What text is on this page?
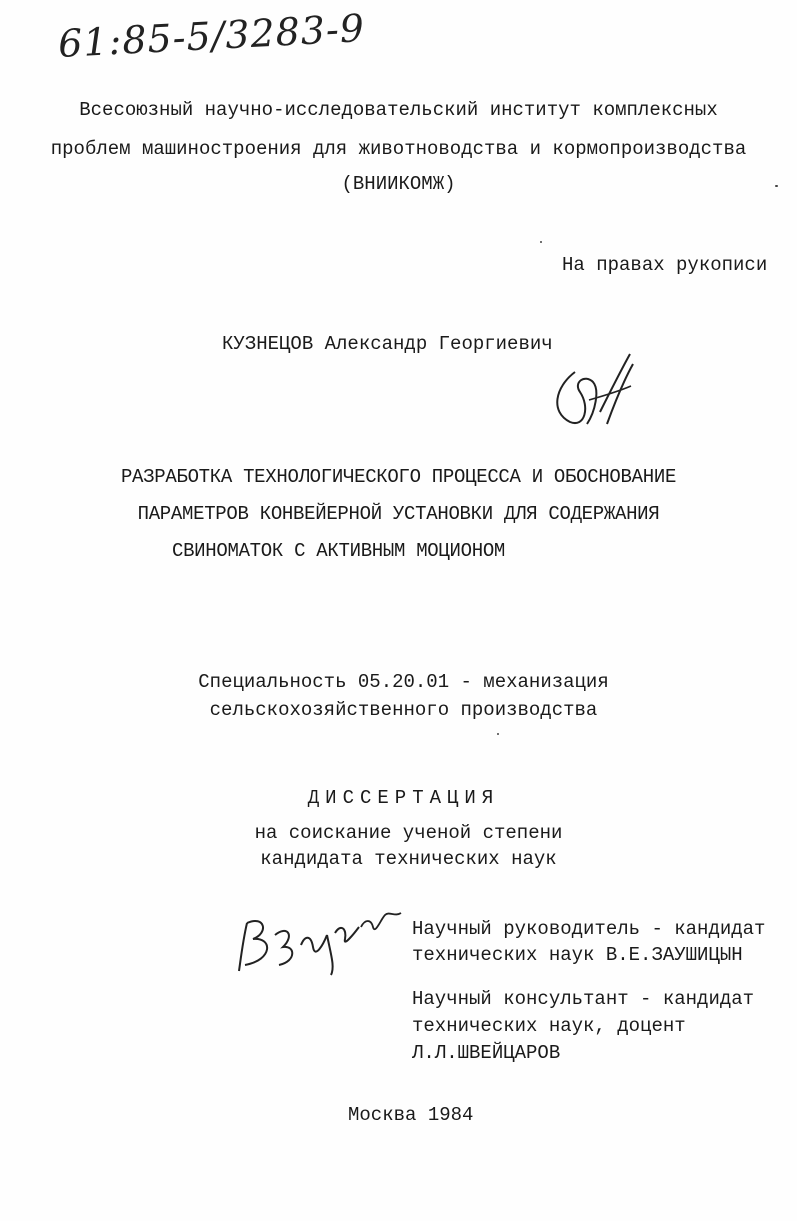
61:85-5/3283-9
Всесоюзный научно-исследовательский институт комплексных
проблем машиностроения для животноводства и кормопроизводства
(ВНИИКОМЖ)
На правах рукописи
КУЗНЕЦОВ Александр Георгиевич
РАЗРАБОТКА ТЕХНОЛОГИЧЕСКОГО ПРОЦЕССА И ОБОСНОВАНИЕ
ПАРАМЕТРОВ КОНВЕЙЕРНОЙ УСТАНОВКИ ДЛЯ СОДЕРЖАНИЯ
СВИНОМАТОК С АКТИВНЫМ МОЦИОНОМ
Специальность 05.20.01 - механизация
сельскохозяйственного производства
ДИССЕРТАЦИЯ
на соискание ученой степени
кандидата технических наук
Научный руководитель - кандидат
технических наук В.Е.ЗАУШИЦЫН
Научный консультант - кандидат
технических наук, доцент
Л.Л.ШВЕЙЦАРОВ
Москва 1984
